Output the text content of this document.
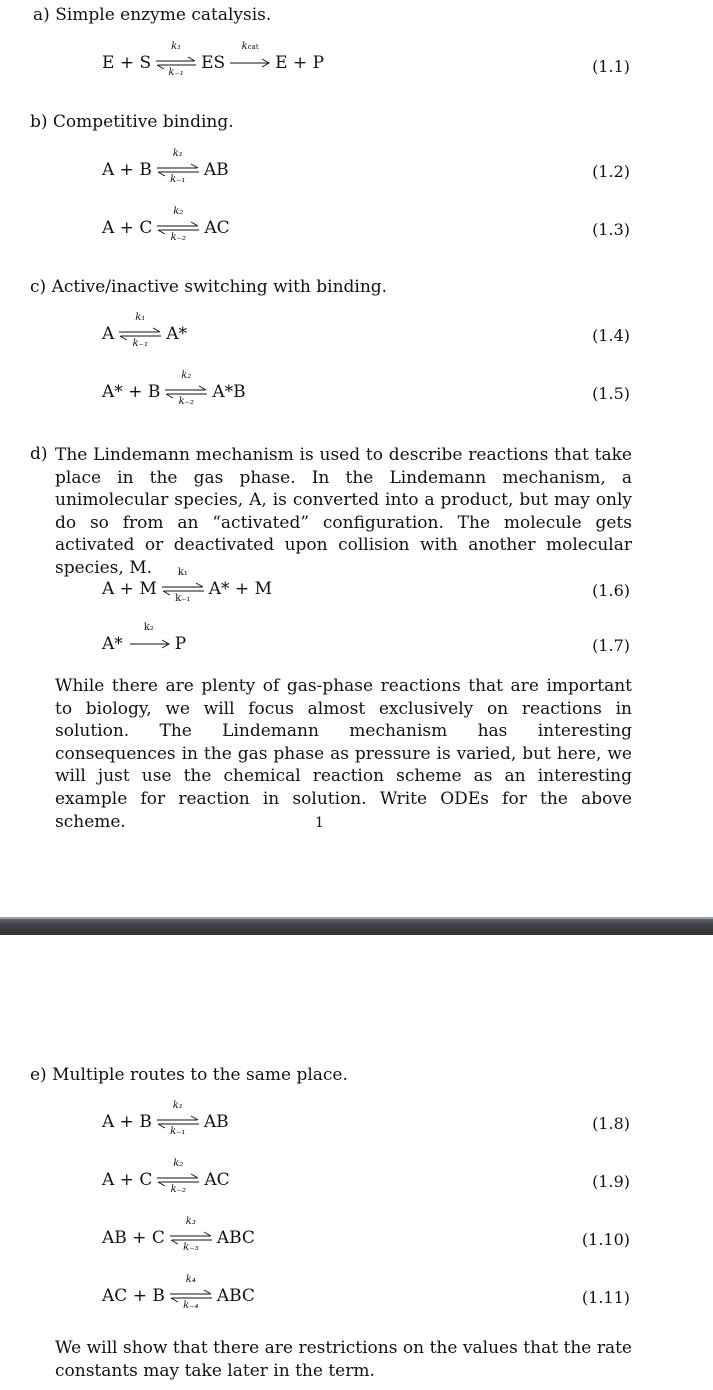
a) Simple enzyme catalysis.
E + S
k₁
k₋₁ ES
kcat
E + P	(1.1)
b) Competitive binding.
A + B
k₁
k₋₁ AB	(1.2)
A + C
k₂
k₋₂ AC	(1.3)
c) Active/inactive switching with binding.
A
k₁
k₋₁ A*	(1.4)
A* + B
k₂
k₋₂ A*B	(1.5)
d) The Lindemann mechanism is used to describe reactions that take place in the gas phase. In the Lindemann mechanism, a unimolecular species, A, is converted into a product, but may only do so from an “activated” configuration. The molecule gets activated or deactivated upon collision with another molecular species, M.
A + M
k₁
k₋₁ A* + M	(1.6)
A*
k₂
P	(1.7)
While there are plenty of gas-phase reactions that are important to biology, we will focus almost exclusively on reactions in solution. The Lindemann mechanism has interesting consequences in the gas phase as pressure is varied, but here, we will just use the chemical reaction scheme as an interesting example for reaction in solution. Write ODEs for the above scheme.	1
e) Multiple routes to the same place.
A + B
k₁
k₋₁ AB	(1.8)
A + C
k₂
k₋₂ AC	(1.9)
AB + C
k₃
k₋₃ ABC	(1.10)
AC + B
k₄
k₋₄ ABC	(1.11)
We will show that there are restrictions on the values that the rate constants may take later in the term.
